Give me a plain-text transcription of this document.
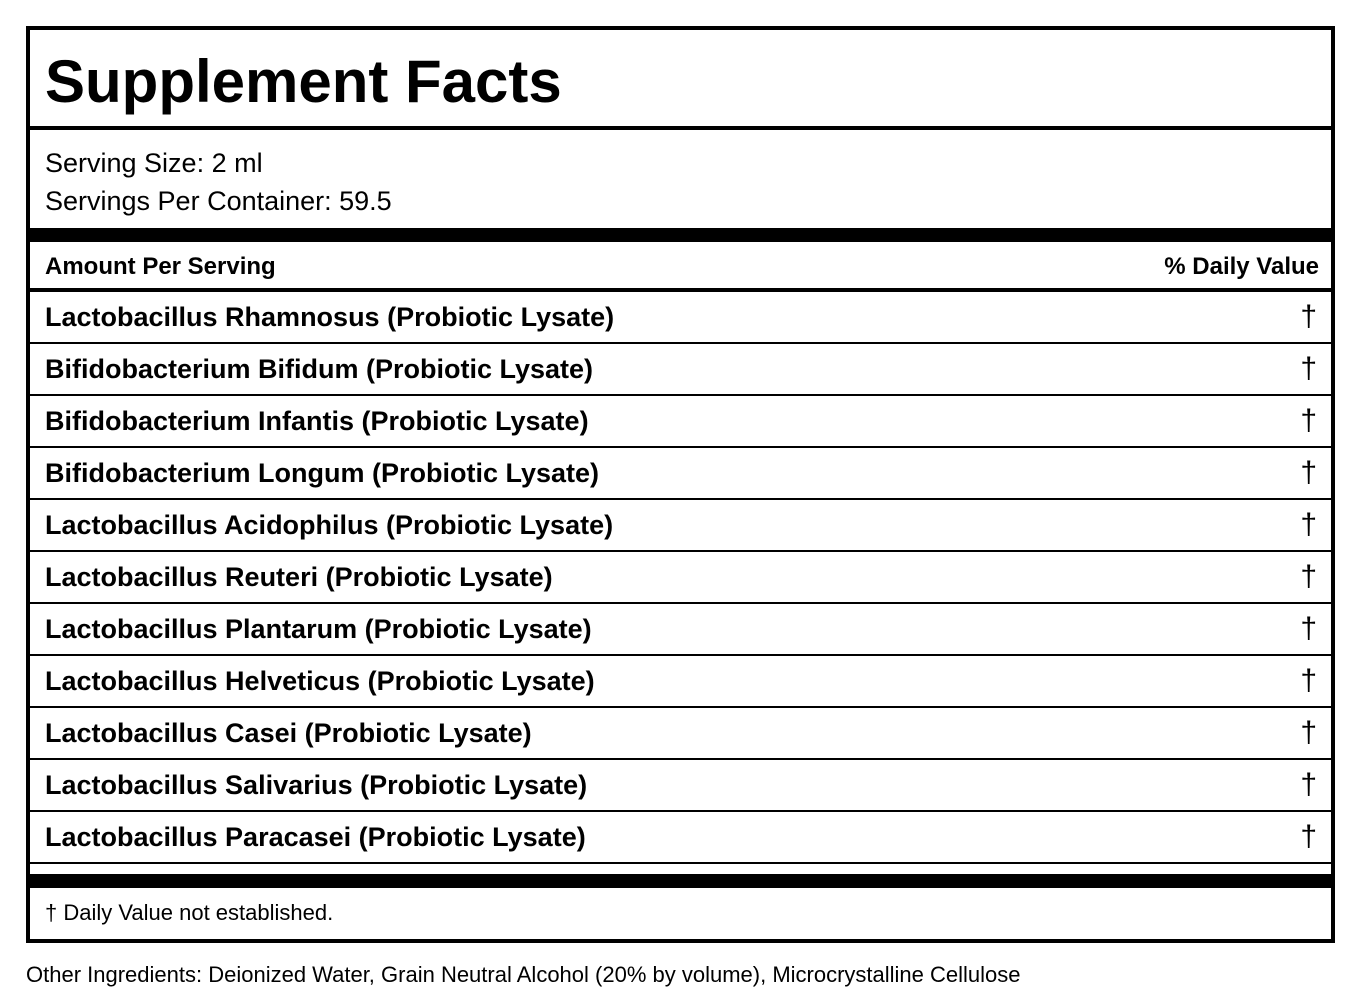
Supplement Facts
Serving Size: 2 ml
Servings Per Container: 59.5
Amount Per Serving	% Daily Value
Lactobacillus Rhamnosus (Probiotic Lysate)	†
Bifidobacterium Bifidum (Probiotic Lysate)	†
Bifidobacterium Infantis (Probiotic Lysate)	†
Bifidobacterium Longum (Probiotic Lysate)	†
Lactobacillus Acidophilus (Probiotic Lysate)	†
Lactobacillus Reuteri (Probiotic Lysate)	†
Lactobacillus Plantarum (Probiotic Lysate)	†
Lactobacillus Helveticus (Probiotic Lysate)	†
Lactobacillus Casei (Probiotic Lysate)	†
Lactobacillus Salivarius (Probiotic Lysate)	†
Lactobacillus Paracasei (Probiotic Lysate)	†
† Daily Value not established.
Other Ingredients: Deionized Water, Grain Neutral Alcohol (20% by volume), Microcrystalline Cellulose
